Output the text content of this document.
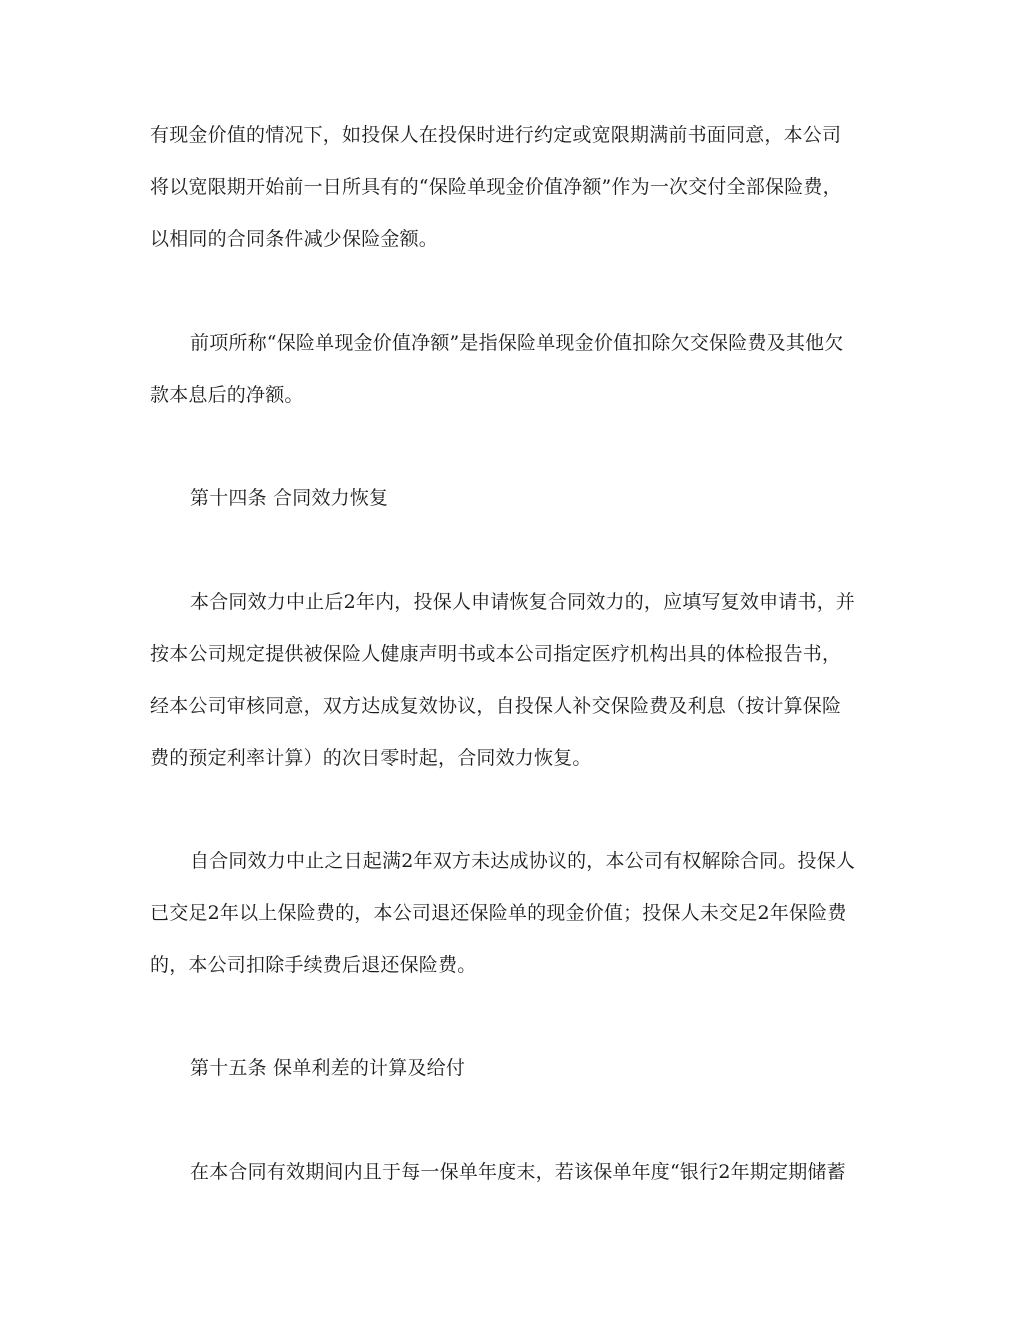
有现金价值的情况下，如投保人在投保时进行约定或宽限期满前书面同意，本公司
将以宽限期开始前一日所具有的“保险单现金价值净额”作为一次交付全部保险费，
以相同的合同条件减少保险金额。
前项所称“保险单现金价值净额”是指保险单现金价值扣除欠交保险费及其他欠
款本息后的净额。
第十四条 合同效力恢复
本合同效力中止后2年内，投保人申请恢复合同效力的，应填写复效申请书，并
按本公司规定提供被保险人健康声明书或本公司指定医疗机构出具的体检报告书，
经本公司审核同意，双方达成复效协议，自投保人补交保险费及利息（按计算保险
费的预定利率计算）的次日零时起，合同效力恢复。
自合同效力中止之日起满2年双方未达成协议的，本公司有权解除合同。投保人
已交足2年以上保险费的，本公司退还保险单的现金价值；投保人未交足2年保险费
的，本公司扣除手续费后退还保险费。
第十五条 保单利差的计算及给付
在本合同有效期间内且于每一保单年度末，若该保单年度“银行2年期定期储蓄
